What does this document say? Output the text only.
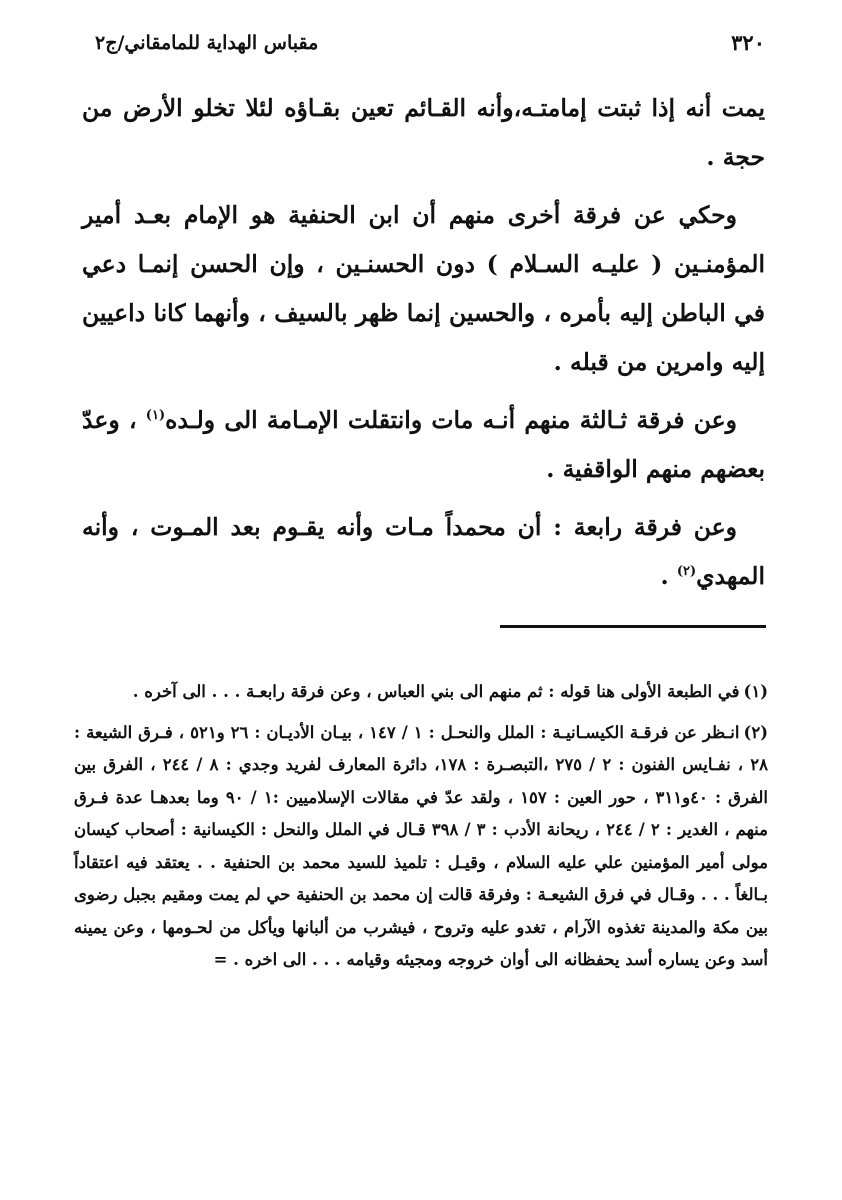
٣٢٠
مقباس الهداية للمامقاني/ج٢

يمت أنه إذا ثبتت إمامتـه،وأنه القـائم تعين بقـاؤه لئلا تخلو الأرض من حجة .

وحكي عن فرقة أخرى منهم أن ابن الحنفية هو الإمام بعـد أمير المؤمنـين ( عليـه السـلام ) دون الحسنـين ، وإن الحسن إنمـا دعي في الباطن إليه بأمره ، والحسين إنما ظهر بالسيف ، وأنهما كانا داعيين إليه وامرين من قبله .

وعن فرقة ثـالثة منهم أنـه مات وانتقلت الإمـامة الى ولـده$^{(١)}$ ، وعدّ بعضهم منهم الواقفية .

وعن فرقة رابعة : أن محمداً مـات وأنه يقـوم بعد المـوت ، وأنه المهدي$^{(٢)}$ .

(١)في الطبعة الأولى هنا قوله : ثم منهم الى بني العباس ، وعن فرقة رابعـة . . . الى آخره .

(٢)انـظر عن فرقـة الكيسـانيـة : الملل والنحـل : ١ / ١٤٧ ، بيـان الأديـان : ٢٦ و٥٢١ ، فـرق الشيعة : ٢٨ ، نفـايس الفنون : ٢ / ٢٧٥ ،التبصـرة : ١٧٨، دائرة المعارف لفريد وجدي : ٨ / ٢٤٤ ، الفرق بين الفرق : ٤٠و٣١١ ، حور العين : ١٥٧ ، ولقد عدّ في مقالات الإسلاميين :١ / ٩٠ وما بعدهـا عدة فـرق منهم ، الغدير : ٢ / ٢٤٤ ، ريحانة الأدب : ٣ / ٣٩٨ قـال في الملل والنحل : الكيسانية : أصحاب كيسان مولى أمير المؤمنين علي عليه السلام ، وقيـل : تلميذ للسيد محمد بن الحنفية . . يعتقد فيه اعتقاداً بـالغاً . . . وقـال في فرق الشيعـة : وفرقة قالت إن محمد بن الحنفية حي لم يمت ومقيم بجبل رضوى بين مكة والمدينة تغذوه الآرام ، تغدو عليه وتروح ، فيشرب من ألبانها ويأكل من لحـومها ، وعن يمينه أسد وعن يساره أسد يحفظانه الى أوان خروجه ومجيئه وقيامه . . . الى اخره . =
